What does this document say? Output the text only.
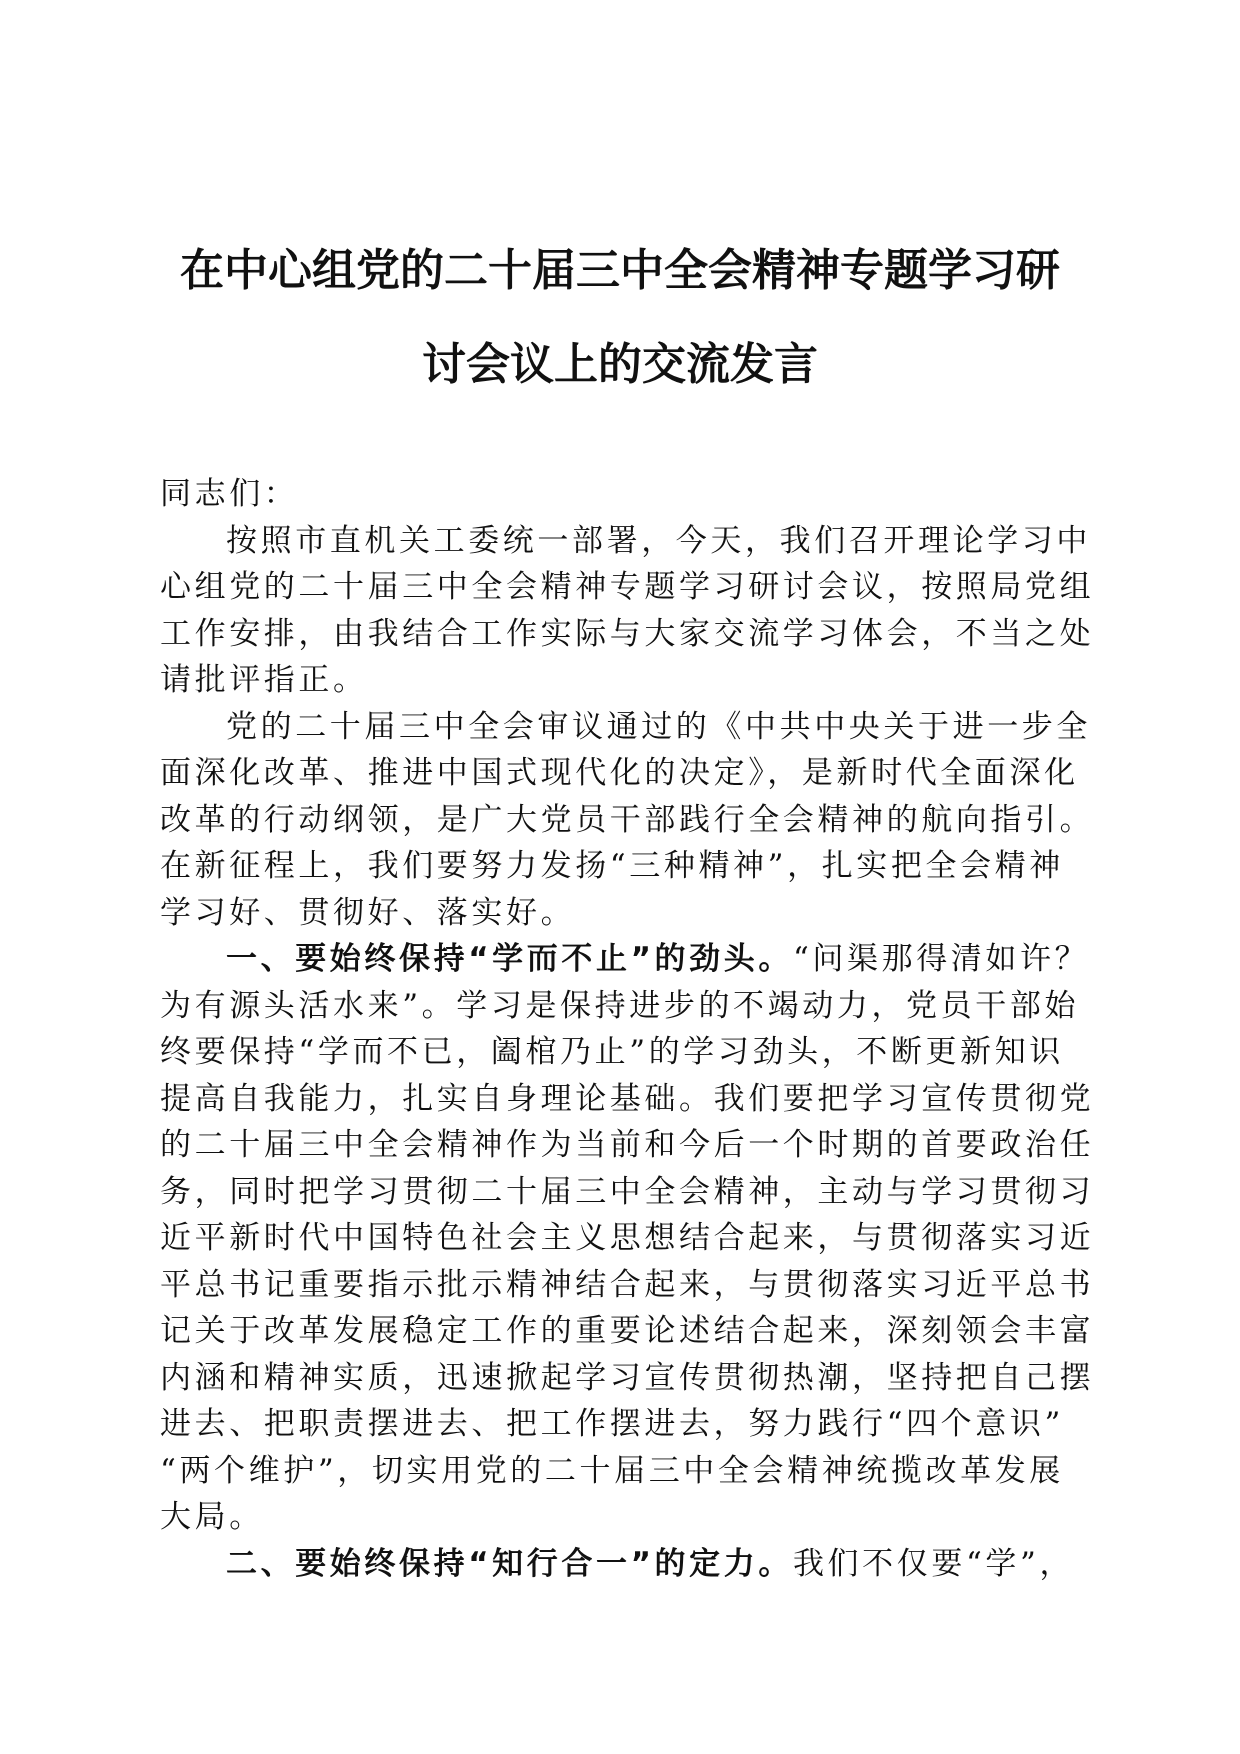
在中心组党的二十届三中全会精神专题学习研
讨会议上的交流发言
同志们：
按照市直机关工委统一部署，今天，我们召开理论学习中
心组党的二十届三中全会精神专题学习研讨会议，按照局党组
工作安排，由我结合工作实际与大家交流学习体会，不当之处
请批评指正。
党的二十届三中全会审议通过的《中共中央关于进一步全
面深化改革、推进中国式现代化的决定》，是新时代全面深化
改革的行动纲领，是广大党员干部践行全会精神的航向指引。
在新征程上，我们要努力发扬“三种精神”，扎实把全会精神
学习好、贯彻好、落实好。
一、要始终保持“学而不止”的劲头。“问渠那得清如许？
为有源头活水来”。学习是保持进步的不竭动力，党员干部始
终要保持“学而不已，阖棺乃止”的学习劲头，不断更新知识
提高自我能力，扎实自身理论基础。我们要把学习宣传贯彻党
的二十届三中全会精神作为当前和今后一个时期的首要政治任
务，同时把学习贯彻二十届三中全会精神，主动与学习贯彻习
近平新时代中国特色社会主义思想结合起来，与贯彻落实习近
平总书记重要指示批示精神结合起来，与贯彻落实习近平总书
记关于改革发展稳定工作的重要论述结合起来，深刻领会丰富
内涵和精神实质，迅速掀起学习宣传贯彻热潮，坚持把自己摆
进去、把职责摆进去、把工作摆进去，努力践行“四个意识”
“两个维护”，切实用党的二十届三中全会精神统揽改革发展
大局。
二、要始终保持“知行合一”的定力。我们不仅要“学”，
